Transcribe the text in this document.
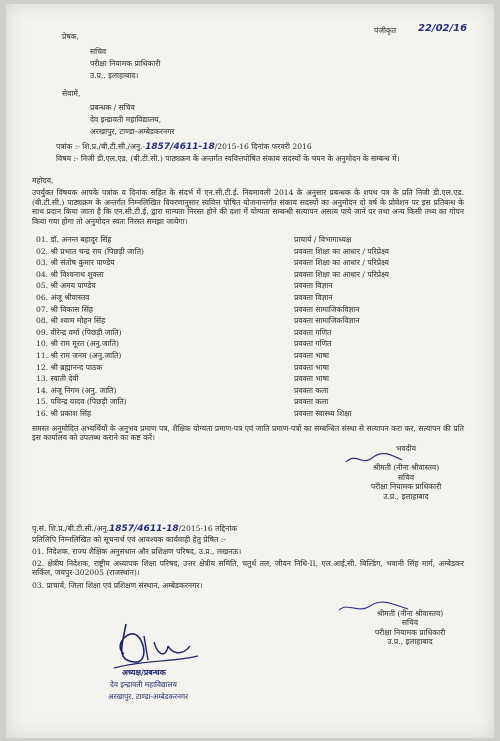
पंजीकृत 22/02/16
प्रेषक,
सचिव
परीक्षा नियामक प्राधिकारी
उ.प्र., इलाहाबाद।
सेवामें,
प्रबन्धक / सचिव
देव इन्द्रावती महाविद्यालय,
अरखापुर, टाण्डा-अम्बेडकरनगर
पत्रांक :- शि.प्र./बी.टी.सी./अनु.-1857/4611-18/2015-16 दिनांक फरवरी 2016
विषय :- निजी डी.एल.एड. (बी.टी.सी.) पाठ्यक्रम के अन्तर्गत स्ववित्तपोषित संकाय सदस्यों के चयन के अनुमोदन के सम्बन्ध में।
महोदय,
उपर्युक्त विषयक आपके पत्रांक व दिनांक सहित के संदर्भ में एन.सी.टी.ई. नियमावली 2014 के अनुसार प्रबन्धक के शपथ पत्र के प्रति निजी डी.एल.एड. (बी.टी.सी.) पाठ्यक्रम के अन्तर्गत निम्नलिखित विवरणानुसार स्ववित्त पोषित योजनान्तर्गत संकाय सदस्यों का अनुमोदन दो वर्ष के प्रोवेशन पर इस प्रतिबन्ध के साथ प्रदान किया जाता है कि एन.सी.टी.ई. द्वारा मान्यता निरस्त होने की दशा में योग्यता सम्बन्धी सत्यापन असत्य पाये जाने पर तथा अन्य किसी तथ्य का गोपन किया गया होगा तो अनुमोदन स्वतः निरस्त समझा जायेगा।
01. डॉ. अनन्त बहादुर सिंह	प्राचार्य / विभागाध्यक्ष
02. श्री प्रभात चन्द्र राय (पिछड़ी जाति)	प्रवक्ता शिक्षा का आधार / परिप्रेक्ष्य
03. श्री संतोष कुमार पाण्डेय	प्रवक्ता शिक्षा का आधार / परिप्रेक्ष्य
04. श्री विश्वनाथ शुक्ला	प्रवक्ता शिक्षा का आधार / परिप्रेक्ष्य
05. श्री अमय पाण्डेय	प्रवक्ता विज्ञान
06. अंजू श्रीवास्तव	प्रवक्ता विज्ञान
07. श्री विकास सिंह	प्रवक्ता सामाजिकविज्ञान
08. श्री श्याम मोहन सिंह	प्रवक्ता सामाजिकविज्ञान
09. वीरेन्द्र वर्मा (पिछड़ी जाति)	प्रवक्ता गणित
10. श्री राम मूरत (अनु.जाति)	प्रवक्ता गणित
11. श्री राम जनम (अनु.जाति)	प्रवक्ता भाषा
12. श्री ब्रह्मानन्द पाठक	प्रवक्ता भाषा
13. स्वाती देवी	प्रवक्ता भाषा
14. अंजू निगम (अनु. जाति)	प्रवक्ता कला
15. पविन्द्र यादव (पिछड़ी जाति)	प्रवक्ता कला
16. श्री प्रकाश सिंह	प्रवक्ता स्वास्थ्य शिक्षा
समस्त अनुमोदित अभ्यर्थियों के अनुभव प्रमाण पत्र, शैक्षिक योग्यता प्रमाण-पत्र एवं जाति प्रमाण-पत्रों का सम्बन्धित संस्था से सत्यापन करा कर, सत्यापन की प्रति इस कार्यालय को उपलब्ध कराने का कष्ट करें।
भवदीय
श्रीमती (नीना श्रीवास्तव)
सचिव
परीक्षा नियामक प्राधिकारी
उ.प्र., इलाहाबाद
पृ.सं. शि.प्र./बी.टी.सी./अनु.1857/4611-18/2015-16 तद्दिनांक
प्रतिलिपि निम्नलिखित को सूचनार्थ एवं आवश्यक कार्यवाही हेतु प्रेषित :-
01. निदेशक, राज्य शैक्षिक अनुसंधान और प्रशिक्षण परिषद, उ.प्र., लखनऊ।
02. क्षेत्रीय निदेशक, राष्ट्रीय अध्यापक शिक्षा परिषद, उत्तर क्षेत्रीय समिति, चतुर्थ तल, जीवन निधि-II, एल.आई.सी. बिल्डिंग, भवानी सिंह मार्ग, अम्बेडकर सर्किल, जयपुर-302005 (राजस्थान)।
03. प्राचार्य, जिला शिक्षा एवं प्रशिक्षण संस्थान, अम्बेडकरनगर।
श्रीमती (नीना श्रीवास्तव)
सचिव
परीक्षा नियामक प्राधिकारी
उ.प्र., इलाहाबाद
अध्यक्ष/प्रबन्धक
देव इन्द्रावती महाविद्यालय
अरखापुर, टाण्डा-अम्बेडकरनगर
